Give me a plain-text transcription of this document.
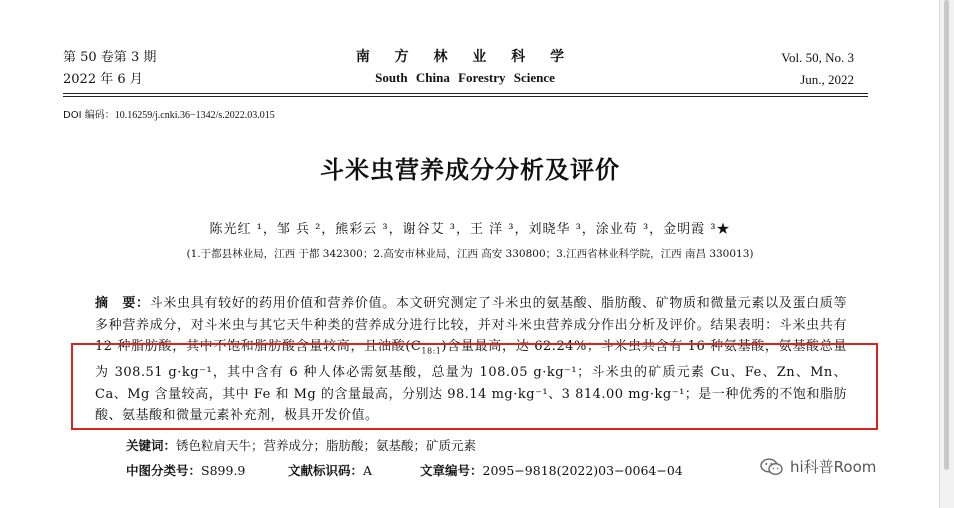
第 50 卷第 3 期
2022 年 6 月
南 方 林 业 科 学
South China Forestry Science
Vol. 50, No. 3
Jun., 2022
DOI 编码：10.16259/j.cnki.36−1342/s.2022.03.015
斗米虫营养成分分析及评价
陈光红 ¹，邹 兵 ²，熊彩云 ³，谢谷艾 ³，王 洋 ³，刘晓华 ³，涂业苟 ³，金明霞 ³★
(1.于都县林业局，江西 于都 342300；2.高安市林业局，江西 高安 330800；3.江西省林业科学院，江西 南昌 330013)
摘　要：斗米虫具有较好的药用价值和营养价值。本文研究测定了斗米虫的氨基酸、脂肪酸、矿物质和微量元素以及蛋白质等多种营养成分，对斗米虫与其它天牛种类的营养成分进行比较，并对斗米虫营养成分作出分析及评价。结果表明：斗米虫共有 12 种脂肪酸，其中不饱和脂肪酸含量较高，且油酸$(C_{18:1})$含量最高，达 62.24%；斗米虫共含有 16 种氨基酸，氨基酸总量为 308.51 g·kg⁻¹，其中含有 6 种人体必需氨基酸，总量为 108.05 g·kg⁻¹；斗米虫的矿质元素 Cu、Fe、Zn、Mn、Ca、Mg 含量较高，其中 Fe 和 Mg 的含量最高，分别达 98.14 mg·kg⁻¹、3 814.00 mg·kg⁻¹；是一种优秀的不饱和脂肪酸、氨基酸和微量元素补充剂，极具开发价值。
关键词：锈色粒肩天牛；营养成分；脂肪酸；氨基酸；矿质元素
中图分类号：S899.9	文献标识码：A	文章编号：2095−9818(2022)03−0064−04	hi科普Room
